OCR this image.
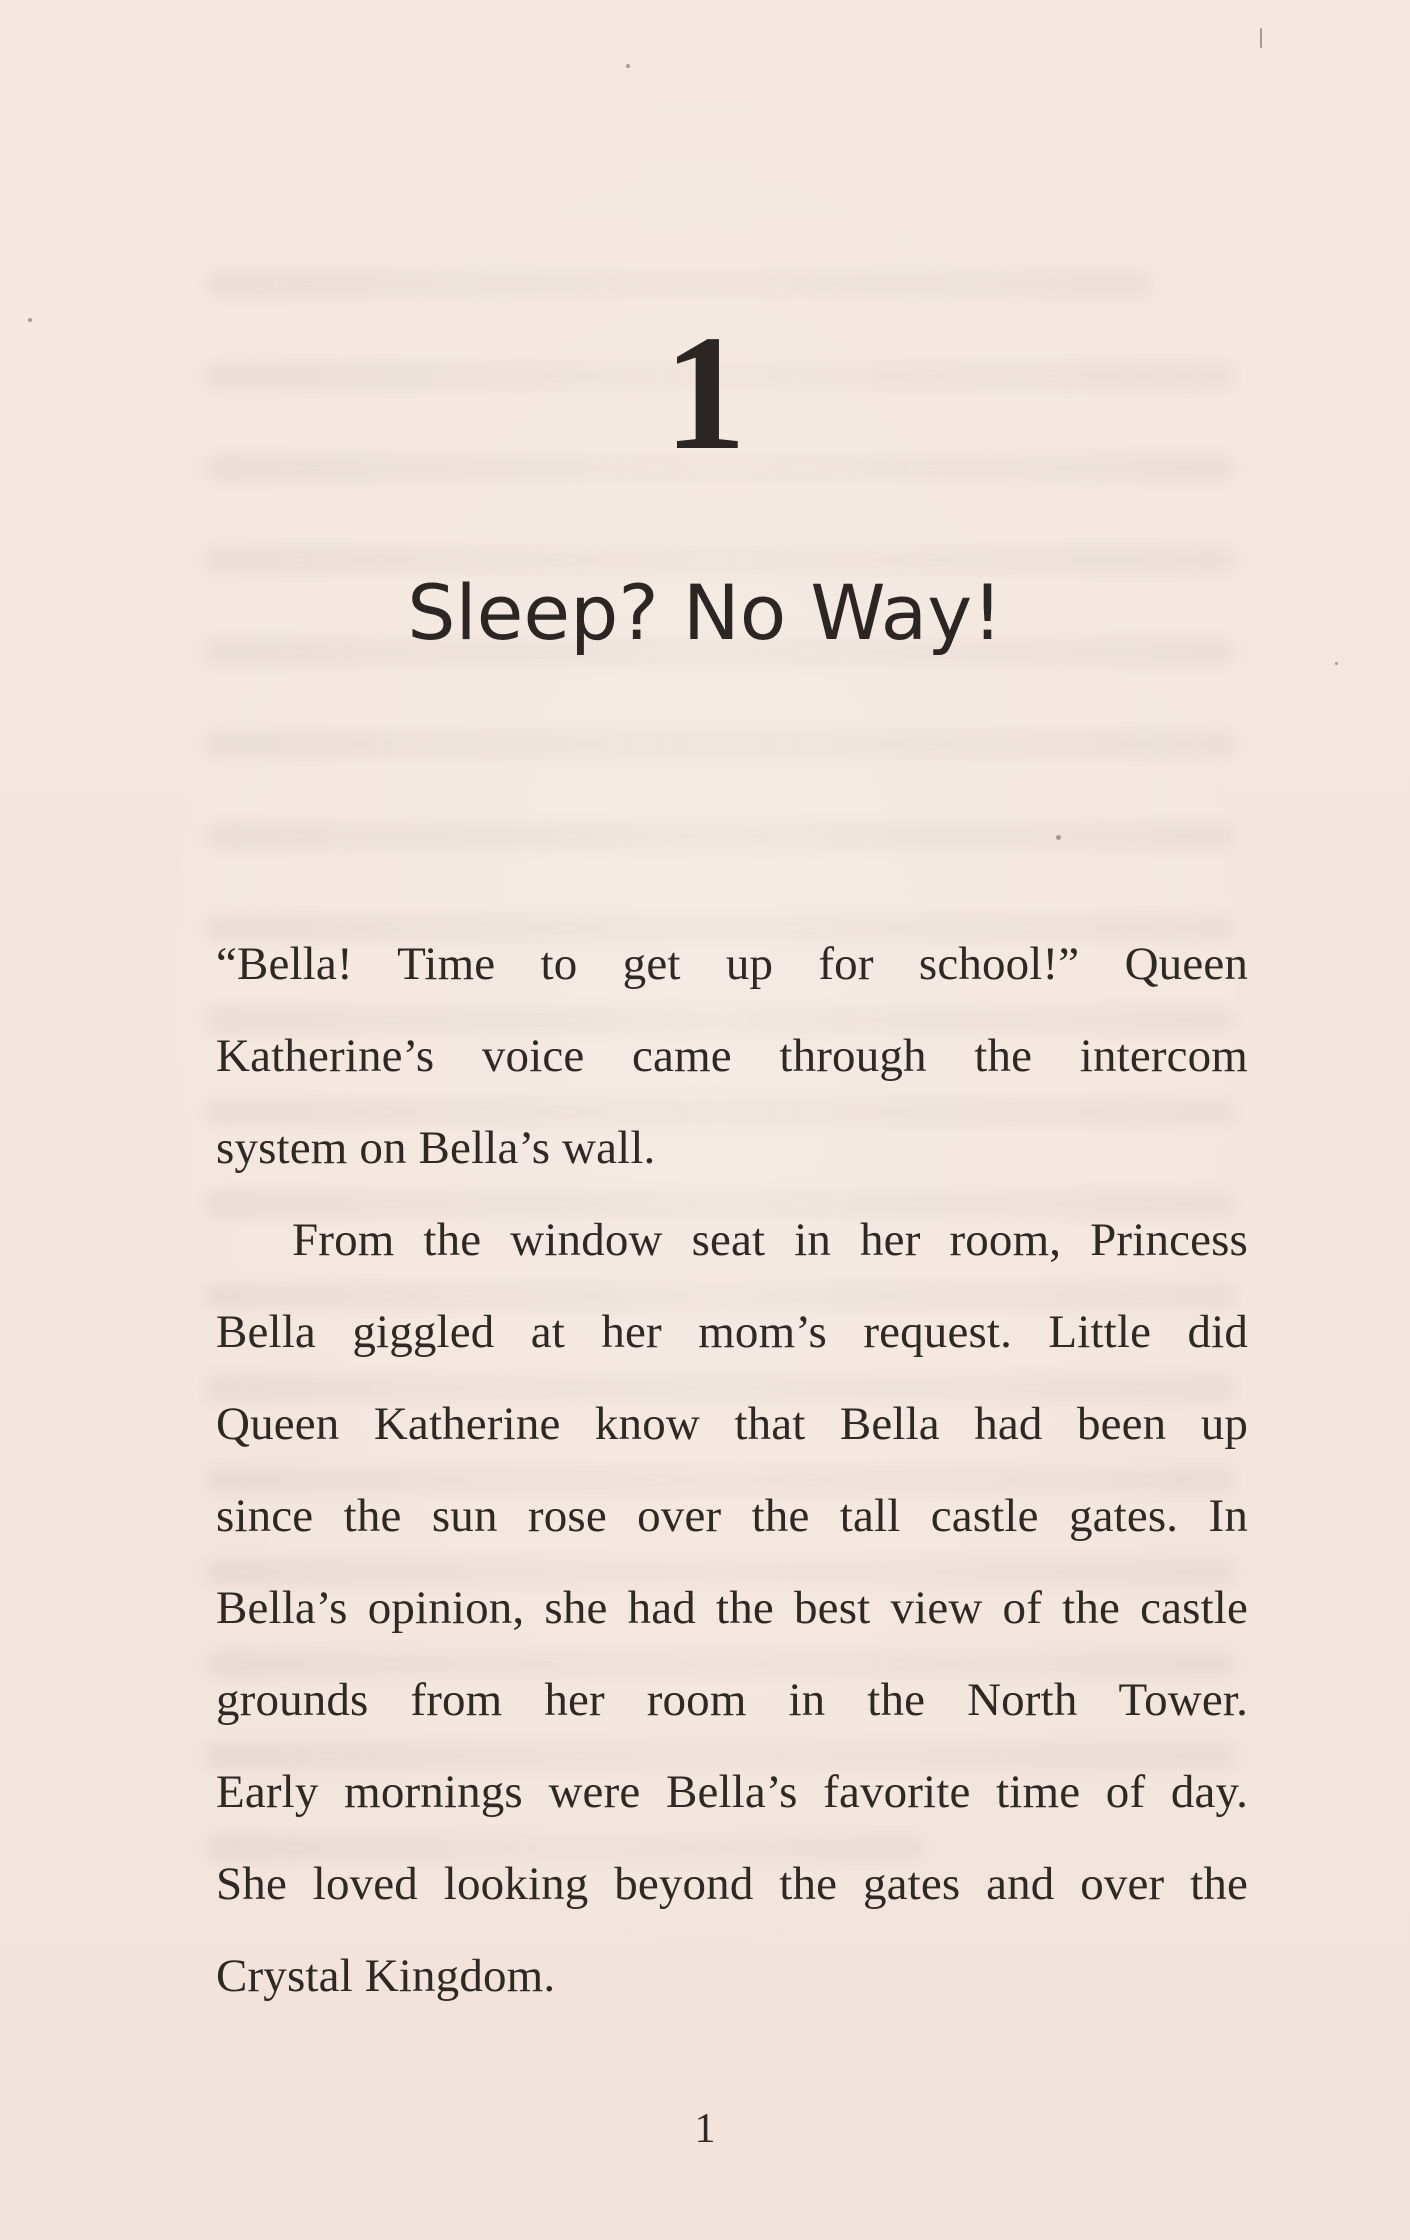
1
Sleep? No Way!
“Bella! Time to get up for school!” Queen
Katherine’s voice came through the intercom
system on Bella’s wall.
From the window seat in her room, Princess
Bella giggled at her mom’s request. Little did
Queen Katherine know that Bella had been up
since the sun rose over the tall castle gates. In
Bella’s opinion, she had the best view of the castle
grounds from her room in the North Tower.
Early mornings were Bella’s favorite time of day.
She loved looking beyond the gates and over the
Crystal Kingdom.
1
